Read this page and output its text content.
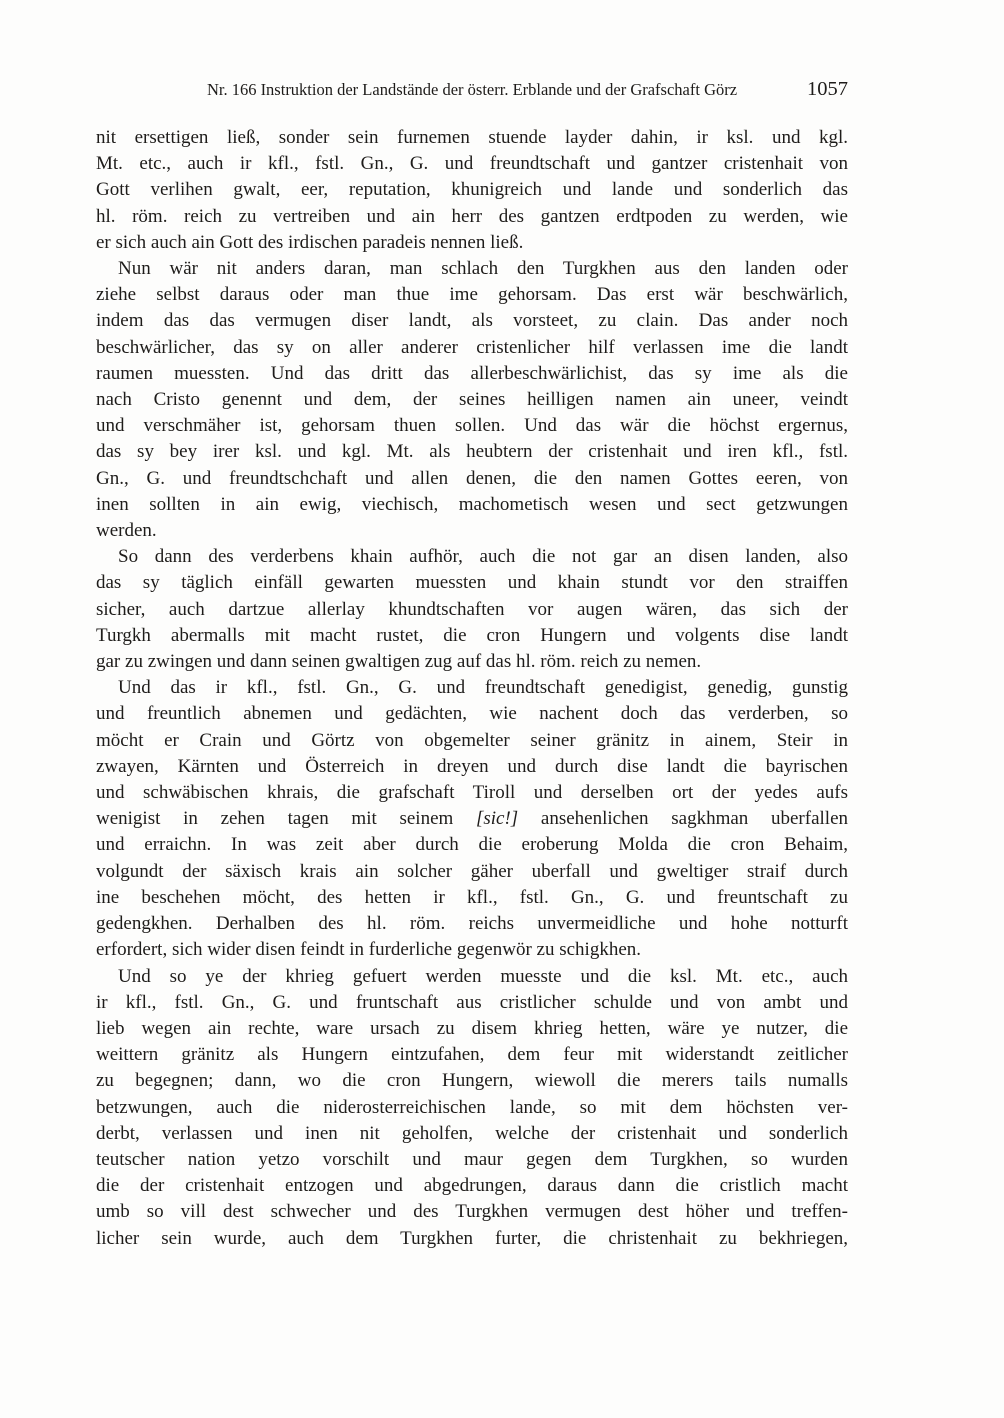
Nr. 166 Instruktion der Landstände der österr. Erblande und der Grafschaft Görz	1057
nit ersettigen ließ, sonder sein furnemen stuende layder dahin, ir ksl. und kgl.
Mt. etc., auch ir kfl., fstl. Gn., G. und freundtschaft und gantzer cristenhait von
Gott verlihen gwalt, eer, reputation, khunigreich und lande und sonderlich das
hl. röm. reich zu vertreiben und ain herr des gantzen erdtpoden zu werden, wie
er sich auch ain Gott des irdischen paradeis nennen ließ.
Nun wär nit anders daran, man schlach den Turgkhen aus den landen oder
ziehe selbst daraus oder man thue ime gehorsam. Das erst wär beschwärlich,
indem das das vermugen diser landt, als vorsteet, zu clain. Das ander noch
beschwärlicher, das sy on aller anderer cristenlicher hilf verlassen ime die landt
raumen muessten. Und das dritt das allerbeschwärlichist, das sy ime als die
nach Cristo genennt und dem, der seines heilligen namen ain uneer, veindt
und verschmäher ist, gehorsam thuen sollen. Und das wär die höchst ergernus,
das sy bey irer ksl. und kgl. Mt. als heubtern der cristenhait und iren kfl., fstl.
Gn., G. und freundtschchaft und allen denen, die den namen Gottes eeren, von
inen sollten in ain ewig, viechisch, machometisch wesen und sect getzwungen
werden.
So dann des verderbens khain aufhör, auch die not gar an disen landen, also
das sy täglich einfäll gewarten muessten und khain stundt vor den straiffen
sicher, auch dartzue allerlay khundtschaften vor augen wären, das sich der
Turgkh abermalls mit macht rustet, die cron Hungern und volgents dise landt
gar zu zwingen und dann seinen gwaltigen zug auf das hl. röm. reich zu nemen.
Und das ir kfl., fstl. Gn., G. und freundtschaft genedigist, genedig, gunstig
und freuntlich abnemen und gedächten, wie nachent doch das verderben, so
möcht er Crain und Görtz von obgemelter seiner gränitz in ainem, Steir in
zwayen, Kärnten und Österreich in dreyen und durch dise landt die bayrischen
und schwäbischen khrais, die grafschaft Tiroll und derselben ort der yedes aufs
wenigist in zehen tagen mit seinem [sic!] ansehenlichen sagkhman uberfallen
und erraichn. In was zeit aber durch die eroberung Molda die cron Behaim,
volgundt der säxisch krais ain solcher gäher uberfall und gweltiger straif durch
ine beschehen möcht, des hetten ir kfl., fstl. Gn., G. und freuntschaft zu
gedengkhen. Derhalben des hl. röm. reichs unvermeidliche und hohe notturft
erfordert, sich wider disen feindt in furderliche gegenwör zu schigkhen.
Und so ye der khrieg gefuert werden muesste und die ksl. Mt. etc., auch
ir kfl., fstl. Gn., G. und fruntschaft aus cristlicher schulde und von ambt und
lieb wegen ain rechte, ware ursach zu disem khrieg hetten, wäre ye nutzer, die
weittern gränitz als Hungern eintzufahen, dem feur mit widerstandt zeitlicher
zu begegnen; dann, wo die cron Hungern, wiewoll die merers tails numalls
betzwungen, auch die niderosterreichischen lande, so mit dem höchsten ver-
derbt, verlassen und inen nit geholfen, welche der cristenhait und sonderlich
teutscher nation yetzo vorschilt und maur gegen dem Turgkhen, so wurden
die der cristenhait entzogen und abgedrungen, daraus dann die cristlich macht
umb so vill dest schwecher und des Turgkhen vermugen dest höher und treffen-
licher sein wurde, auch dem Turgkhen furter, die christenhait zu bekhriegen,
